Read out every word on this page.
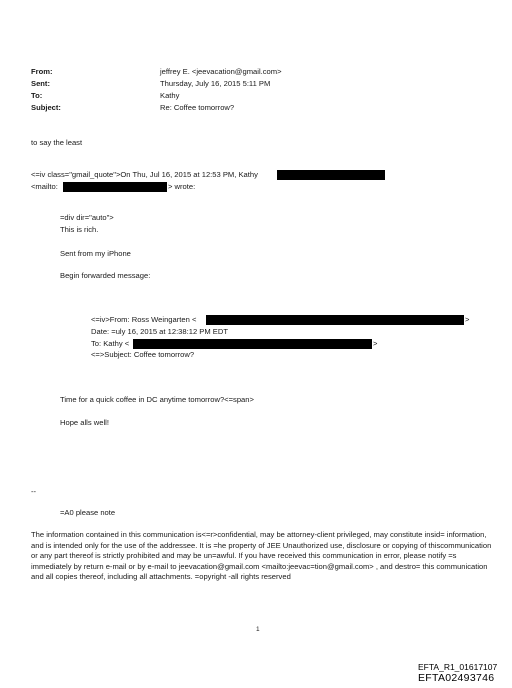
From:	jeffrey E. <jeevacation@gmail.com>
Sent:	Thursday, July 16, 2015 5:11 PM
To:	Kathy
Subject:	Re: Coffee tomorrow?
to say the least
<=iv class="gmail_quote">On Thu, Jul 16, 2015 at 12:53 PM, Kathy
<mailto:	> wrote:
=div dir="auto">
This is rich.
Sent from my iPhone
Begin forwarded message:
<=iv>From: Ross Weingarten <	>
Date: =uly 16, 2015 at 12:38:12 PM EDT
To: Kathy <	>
<=>Subject: Coffee tomorrow?
Time for a quick coffee in DC anytime tomorrow?<=span>
Hope alls well!
--
=A0 please note
The information contained in this communication is<=r>confidential, may be attorney-client privileged, may constitute insid= information, and is intended only for the use of the addressee. It is =he property of JEE Unauthorized use, disclosure or copying of thiscommunication or any part thereof is strictly prohibited and may be un=awful. If you have received this communication in error, please notify =s immediately by return e-mail or by e-mail to jeevacation@gmail.com <mailto:jeevac=tion@gmail.com> , and destro= this communication and all copies thereof, including all attachments. =opyright -all rights reserved
1
EFTA_R1_01617107
EFTA02493746
